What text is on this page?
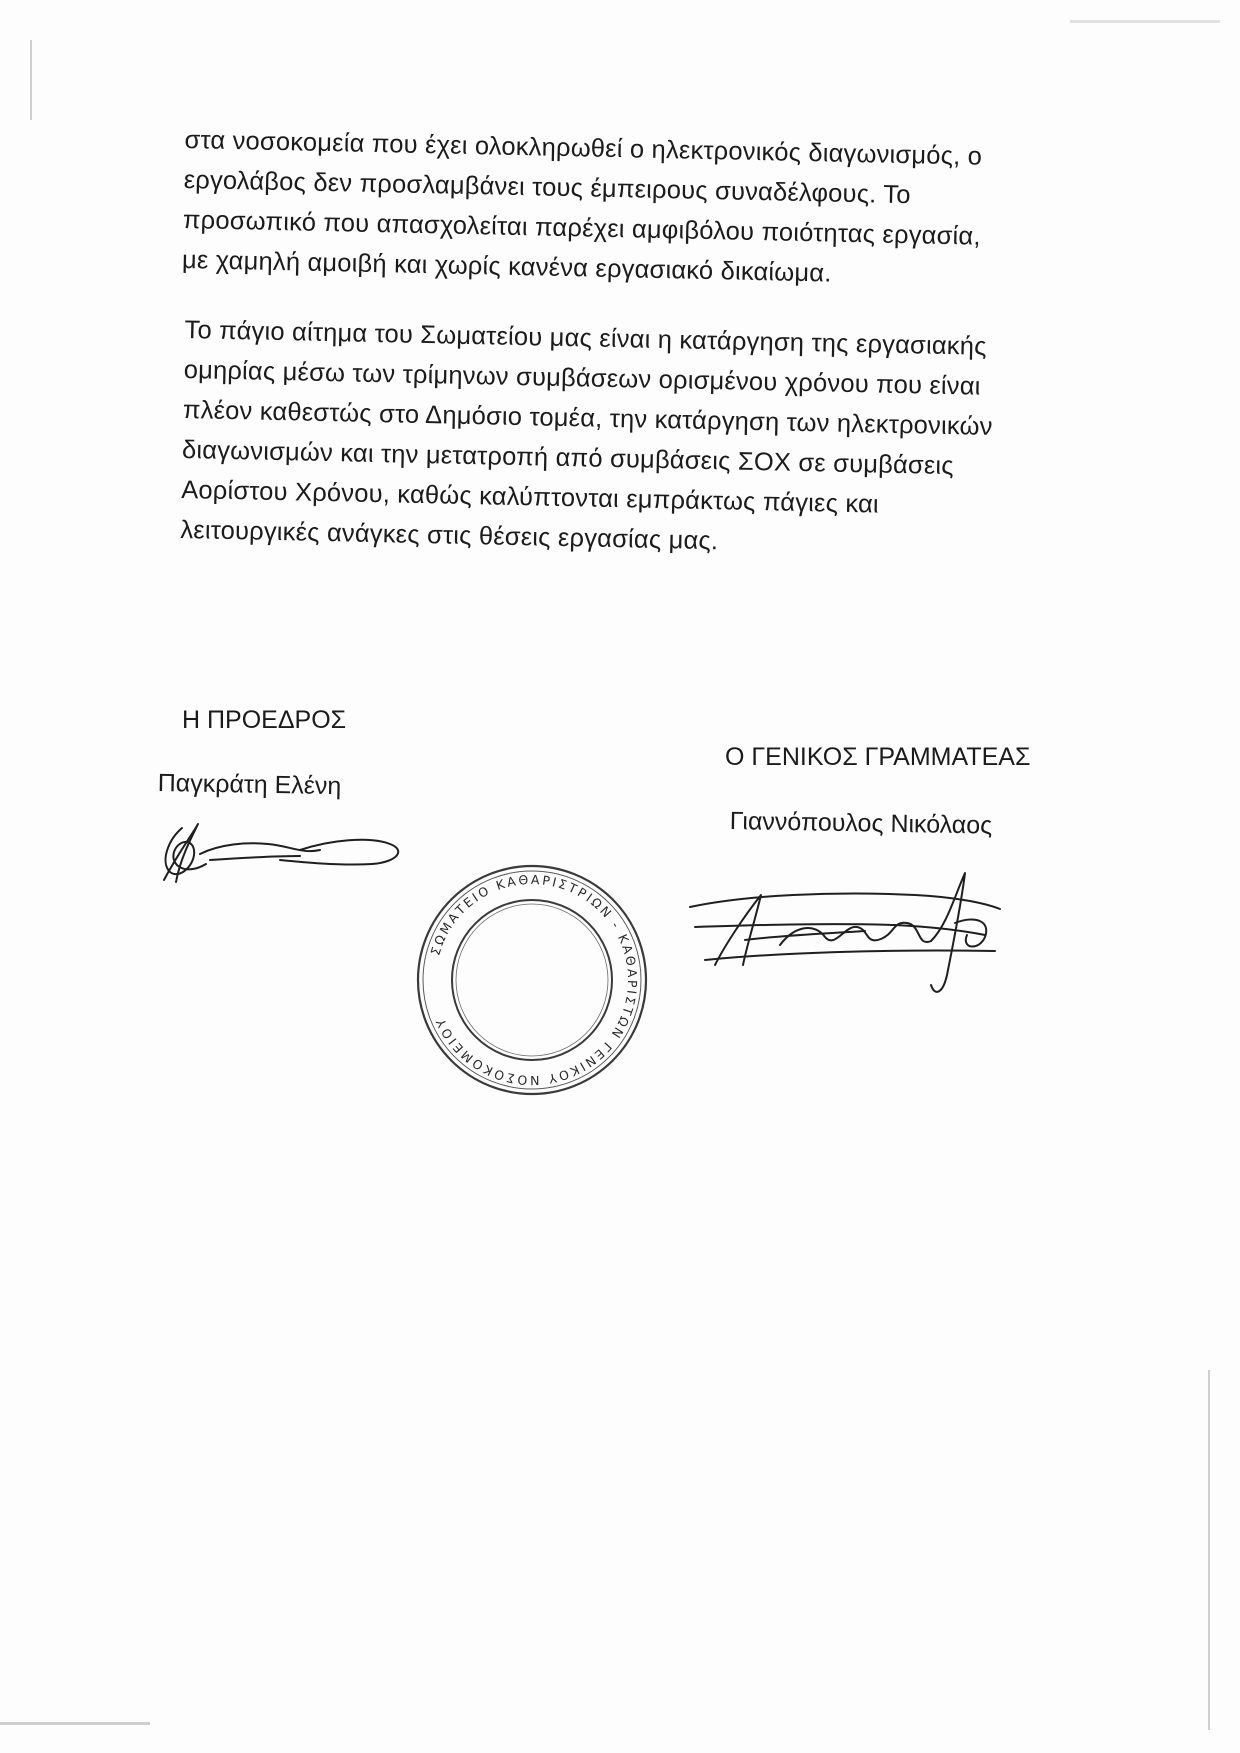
στα νοσοκομεία που έχει ολοκληρωθεί ο ηλεκτρονικός διαγωνισμός, ο
εργολάβος δεν προσλαμβάνει τους έμπειρους συναδέλφους. Το
προσωπικό που απασχολείται παρέχει αμφιβόλου ποιότητας εργασία,
με χαμηλή αμοιβή και χωρίς κανένα εργασιακό δικαίωμα.
Το πάγιο αίτημα του Σωματείου μας είναι η κατάργηση της εργασιακής
ομηρίας μέσω των τρίμηνων συμβάσεων ορισμένου χρόνου που είναι
πλέον καθεστώς στο Δημόσιο τομέα, την κατάργηση των ηλεκτρονικών
διαγωνισμών και την μετατροπή από συμβάσεις ΣΟΧ σε συμβάσεις
Αορίστου Χρόνου, καθώς καλύπτονται εμπράκτως πάγιες και
λειτουργικές ανάγκες στις θέσεις εργασίας μας.
Η ΠΡΟΕΔΡΟΣ
Παγκράτη Ελένη
Ο ΓΕΝΙΚΟΣ ΓΡΑΜΜΑΤΕΑΣ
Γιαννόπουλος Νικόλαος
ΣΩΜΑΤΕΙΟ ΚΑΘΑΡΙΣΤΡΙΩΝ - ΚΑΘΑΡΙΣΤΩΝ ΓΕΝΙΚΟΥ ΝΟΣΟΚΟΜΕΙΟΥ
